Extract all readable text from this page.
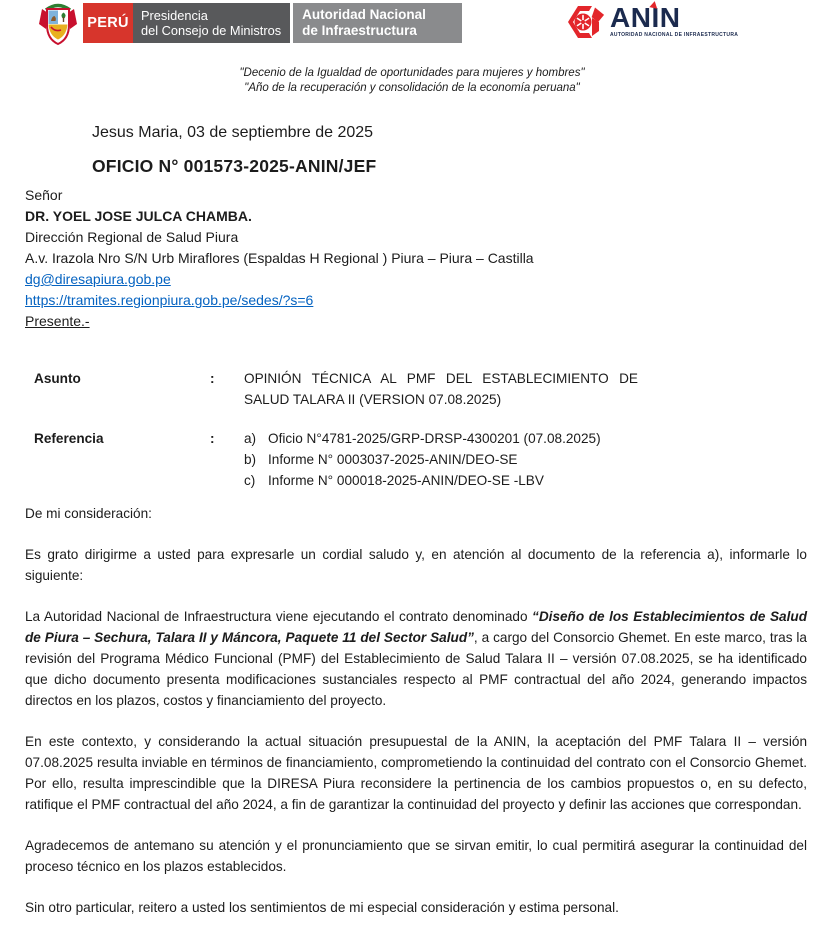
PERÚ Presidencia
del Consejo de Ministros
Autoridad Nacional
de Infraestructura	ANIN
AUTORIDAD NACIONAL DE INFRAESTRUCTURA
"Decenio de la Igualdad de oportunidades para mujeres y hombres"
"Año de la recuperación y consolidación de la economía peruana"
Jesus Maria, 03 de septiembre de 2025
OFICIO N° 001573-2025-ANIN/JEF
Señor
DR. YOEL JOSE JULCA CHAMBA.
Dirección Regional de Salud Piura
A.v. Irazola Nro S/N Urb Miraflores (Espaldas H Regional ) Piura – Piura – Castilla
dg@diresapiura.gob.pe
https://tramites.regionpiura.gob.pe/sedes/?s=6
Presente.-
Asunto	:	OPINIÓN TÉCNICA AL PMF DEL ESTABLECIMIENTO DE SALUD TALARA II (VERSION 07.08.2025)
Referencia	:	a) Oficio N°4781-2025/GRP-DRSP-4300201 (07.08.2025)
b) Informe N° 0003037-2025-ANIN/DEO-SE
c) Informe N° 000018-2025-ANIN/DEO-SE -LBV

De mi consideración:

Es grato dirigirme a usted para expresarle un cordial saludo y, en atención al documento de la referencia a), informarle lo siguiente:

La Autoridad Nacional de Infraestructura viene ejecutando el contrato denominado “Diseño de los Establecimientos de Salud de Piura – Sechura, Talara II y Máncora, Paquete 11 del Sector Salud”, a cargo del Consorcio Ghemet. En este marco, tras la revisión del Programa Médico Funcional (PMF) del Establecimiento de Salud Talara II – versión 07.08.2025, se ha identificado que dicho documento presenta modificaciones sustanciales respecto al PMF contractual del año 2024, generando impactos directos en los plazos, costos y financiamiento del proyecto.

En este contexto, y considerando la actual situación presupuestal de la ANIN, la aceptación del PMF Talara II – versión 07.08.2025 resulta inviable en términos de financiamiento, comprometiendo la continuidad del contrato con el Consorcio Ghemet. Por ello, resulta imprescindible que la DIRESA Piura reconsidere la pertinencia de los cambios propuestos o, en su defecto, ratifique el PMF contractual del año 2024, a fin de garantizar la continuidad del proyecto y definir las acciones que correspondan.

Agradecemos de antemano su atención y el pronunciamiento que se sirvan emitir, lo cual permitirá asegurar la continuidad del proceso técnico en los plazos establecidos.

Sin otro particular, reitero a usted los sentimientos de mi especial consideración y estima personal.
